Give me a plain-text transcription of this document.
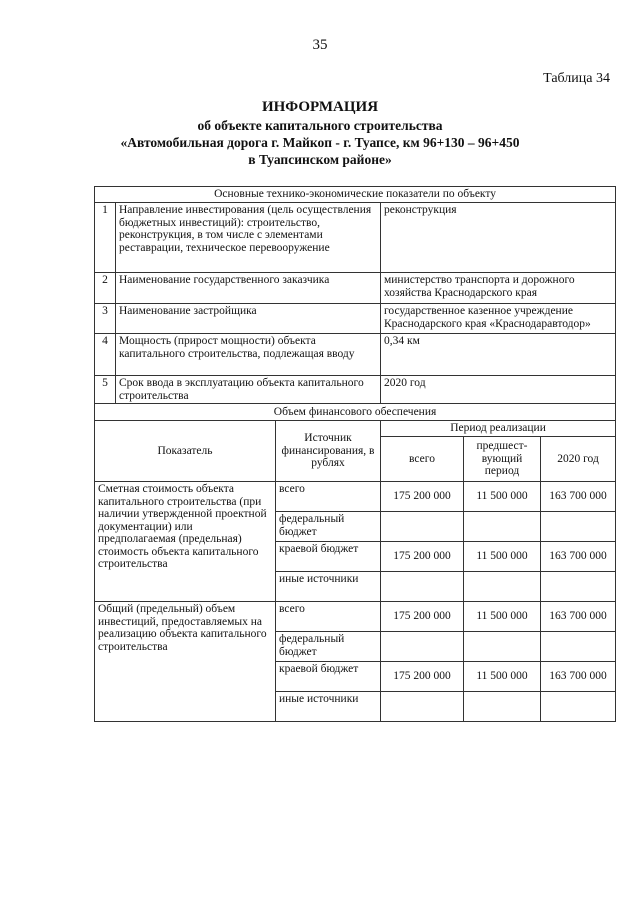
35
Таблица 34
ИНФОРМАЦИЯ
об объекте капитального строительства
«Автомобильная дорога г. Майкоп - г. Туапсе, км 96+130 – 96+450
в Туапсинском районе»
Основные технико-экономические показатели по объекту					
1	Направление инвестирования (цель осуществления бюджетных инвестиций): строительство, реконструкция, в том числе с элементами реставрации, техническое перевооружение		реконструкция		
2	Наименование государственного заказчика		министерство транспорта и дорожного хозяйства Краснодарского края		
3	Наименование застройщика		государственное казенное учреждение Краснодарского края «Краснодаравтодор»		
4	Мощность (прирост мощности) объекта капитального строительства, подлежащая вводу		0,34 км		
5	Срок ввода в эксплуатацию объекта капитального строительства		2020 год		
Объем финансового обеспечения					
Показатель		Источник финансирования, в рублях	Период реализации		
			всего	предшест-вующий период	2020 год
Сметная стоимость объекта капитального строительства (при наличии утвержденной проектной документации) или предполагаемая (предельная) стоимость объекта капитального строительства		всего	175 200 000	11 500 000	163 700 000
		федеральный бюджет			
		краевой бюджет	175 200 000	11 500 000	163 700 000
		иные источники			
Общий (предельный) объем инвестиций, предоставляемых на реализацию объекта капитального строительства		всего	175 200 000	11 500 000	163 700 000
		федеральный бюджет			
		краевой бюджет	175 200 000	11 500 000	163 700 000
		иные источники			
